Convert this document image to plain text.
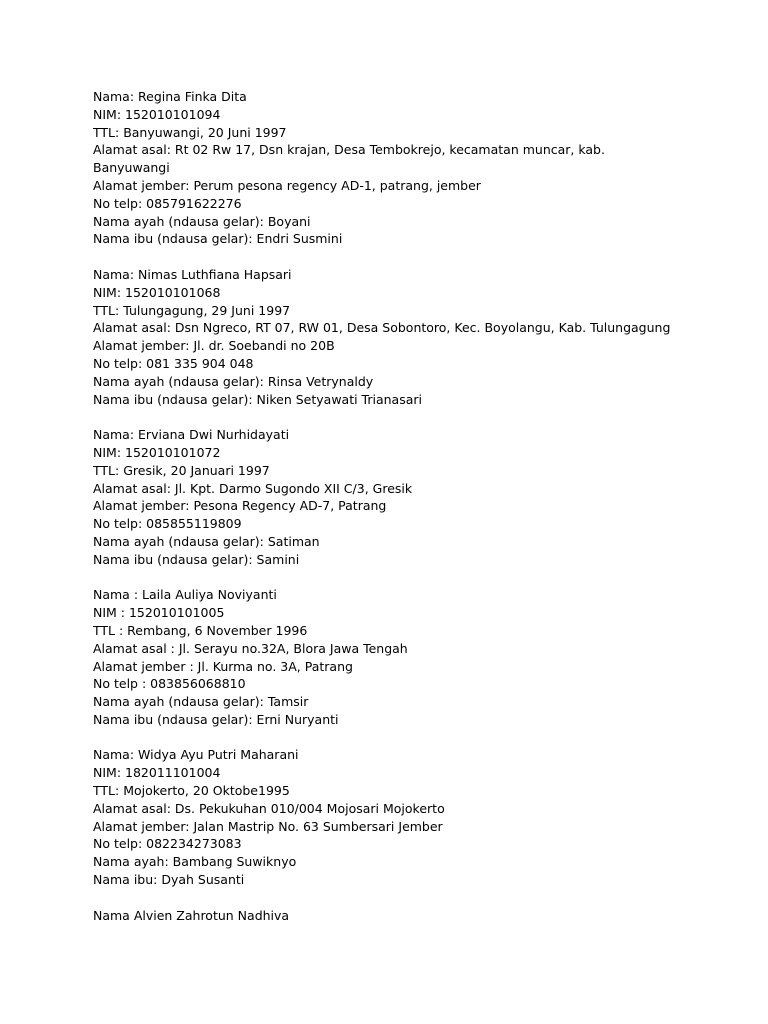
Nama: Regina Finka Dita
NIM: 152010101094
TTL: Banyuwangi, 20 Juni 1997
Alamat asal: Rt 02 Rw 17, Dsn krajan, Desa Tembokrejo, kecamatan muncar, kab.
Banyuwangi
Alamat jember: Perum pesona regency AD-1, patrang, jember
No telp: 085791622276
Nama ayah (ndausa gelar): Boyani
Nama ibu (ndausa gelar): Endri Susmini
Nama: Nimas Luthfiana Hapsari
NIM: 152010101068
TTL: Tulungagung, 29 Juni 1997
Alamat asal: Dsn Ngreco, RT 07, RW 01, Desa Sobontoro, Kec. Boyolangu, Kab. Tulungagung
Alamat jember: Jl. dr. Soebandi no 20B
No telp: 081 335 904 048
Nama ayah (ndausa gelar): Rinsa Vetrynaldy
Nama ibu (ndausa gelar): Niken Setyawati Trianasari
Nama: Erviana Dwi Nurhidayati
NIM: 152010101072
TTL: Gresik, 20 Januari 1997
Alamat asal: Jl. Kpt. Darmo Sugondo XII C/3, Gresik
Alamat jember: Pesona Regency AD-7, Patrang
No telp: 085855119809
Nama ayah (ndausa gelar): Satiman
Nama ibu (ndausa gelar): Samini
Nama : Laila Auliya Noviyanti
NIM : 152010101005
TTL : Rembang, 6 November 1996
Alamat asal : Jl. Serayu no.32A, Blora Jawa Tengah
Alamat jember : Jl. Kurma no. 3A, Patrang
No telp : 083856068810
Nama ayah (ndausa gelar): Tamsir
Nama ibu (ndausa gelar): Erni Nuryanti
Nama: Widya Ayu Putri Maharani
NIM: 182011101004
TTL: Mojokerto, 20 Oktobe1995
Alamat asal: Ds. Pekukuhan 010/004 Mojosari Mojokerto
Alamat jember: Jalan Mastrip No. 63 Sumbersari Jember
No telp: 082234273083
Nama ayah: Bambang Suwiknyo
Nama ibu: Dyah Susanti
Nama Alvien Zahrotun Nadhiva
